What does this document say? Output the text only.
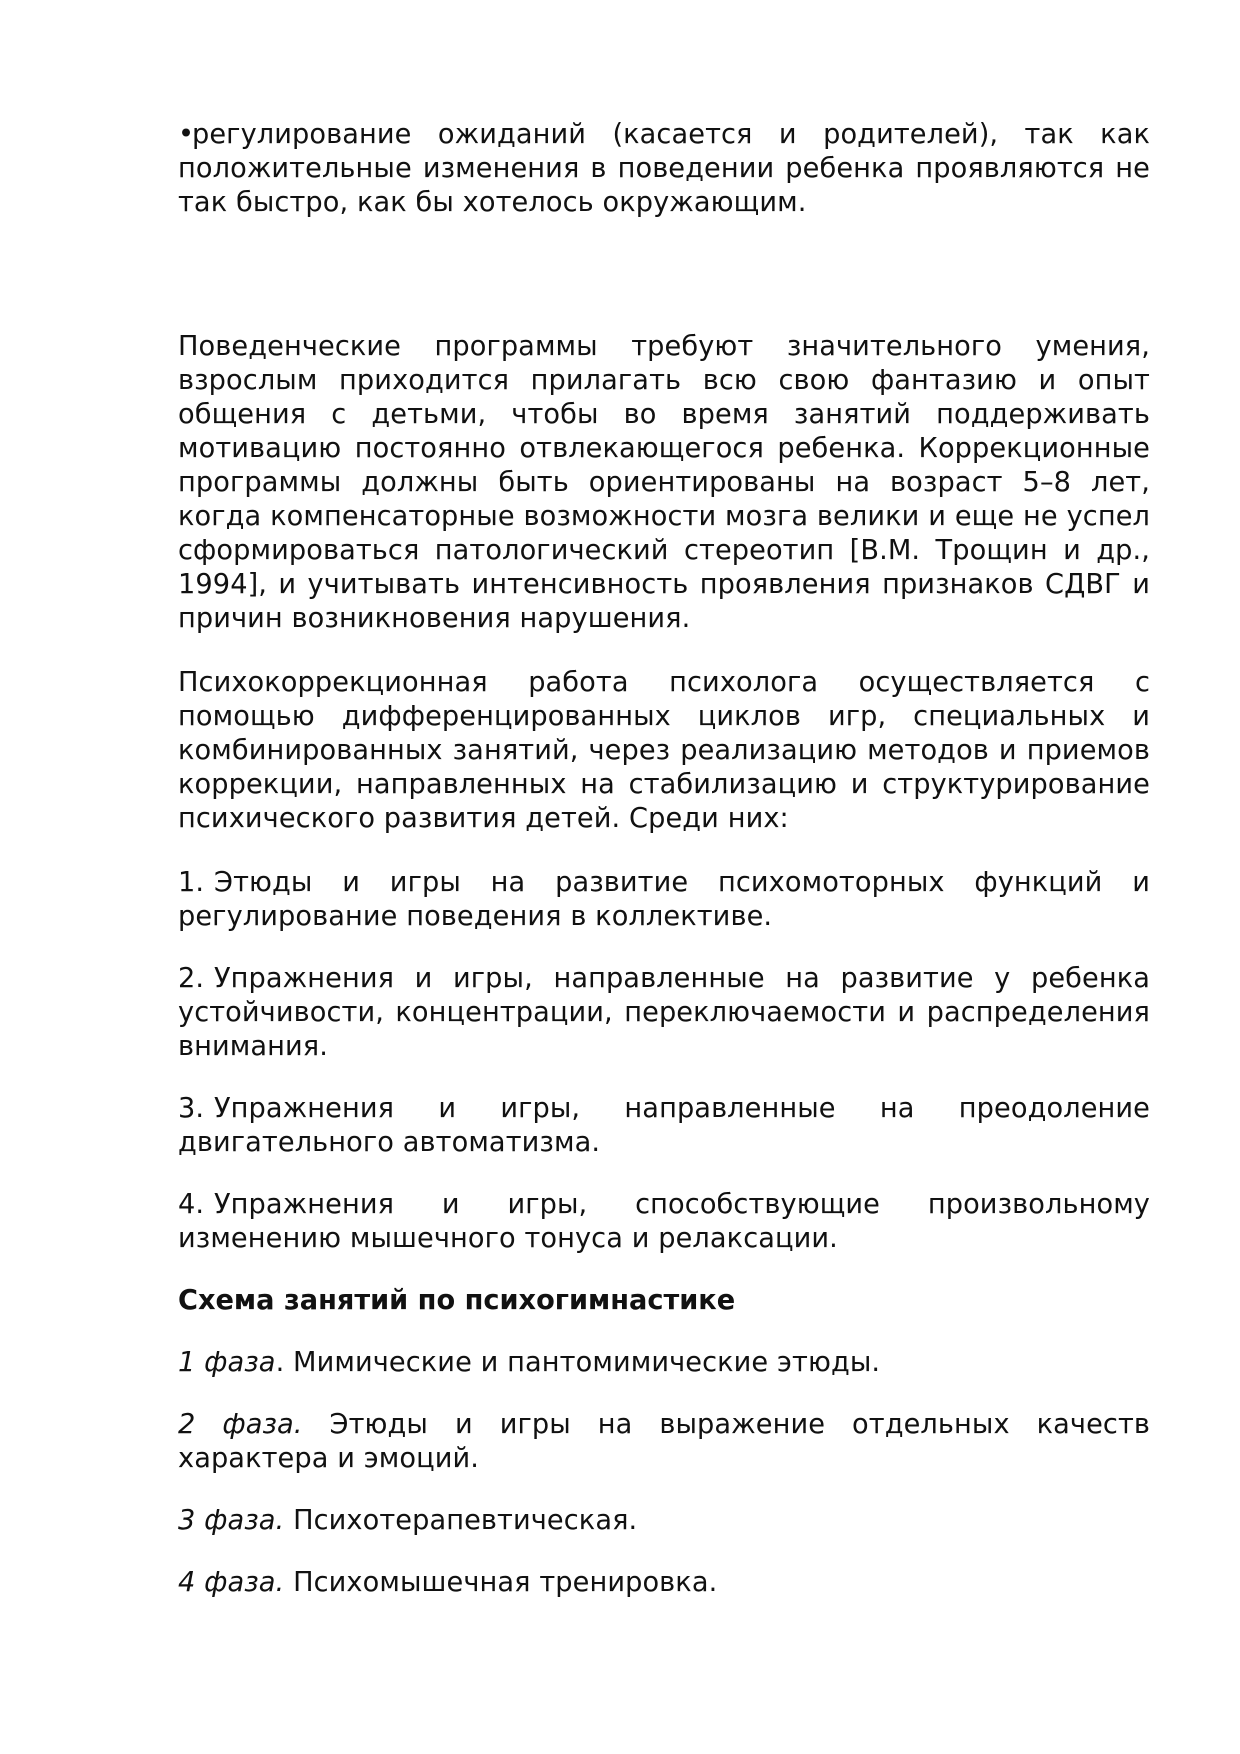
•регулирование ожиданий (касается и родителей), так как положительные изменения в поведении ребенка проявляются не так быстро, как бы хотелось окружающим.

Поведенческие программы требуют значительного умения, взрослым приходится прилагать всю свою фантазию и опыт общения с детьми, чтобы во время занятий поддерживать мотивацию постоянно отвлекающегося ребенка. Коррекционные программы должны быть ориентированы на возраст 5–8 лет, когда компенсаторные возможности мозга велики и еще не успел сформироваться патологический стереотип [В.М. Трощин и др., 1994], и учитывать интенсивность проявления признаков СДВГ и причин возникновения нарушения.

Психокоррекционная работа психолога осуществляется с помощью дифференцированных циклов игр, специальных и комбинированных занятий, через реализацию методов и приемов коррекции, направленных на стабилизацию и структурирование психического развития детей. Среди них:

1. Этюды и игры на развитие психомоторных функций и регулирование поведения в коллективе.

2. Упражнения и игры, направленные на развитие у ребенка устойчивости, концентрации, переключаемости и распределения внимания.

3. Упражнения и игры, направленные на преодоление двигательного автоматизма.

4. Упражнения и игры, способствующие произвольному изменению мышечного тонуса и релаксации.

Схема занятий по психогимнастике

1 фаза. Мимические и пантомимические этюды.

2 фаза. Этюды и игры на выражение отдельных качеств характера и эмоций.

3 фаза. Психотерапевтическая.

4 фаза. Психомышечная тренировка.
